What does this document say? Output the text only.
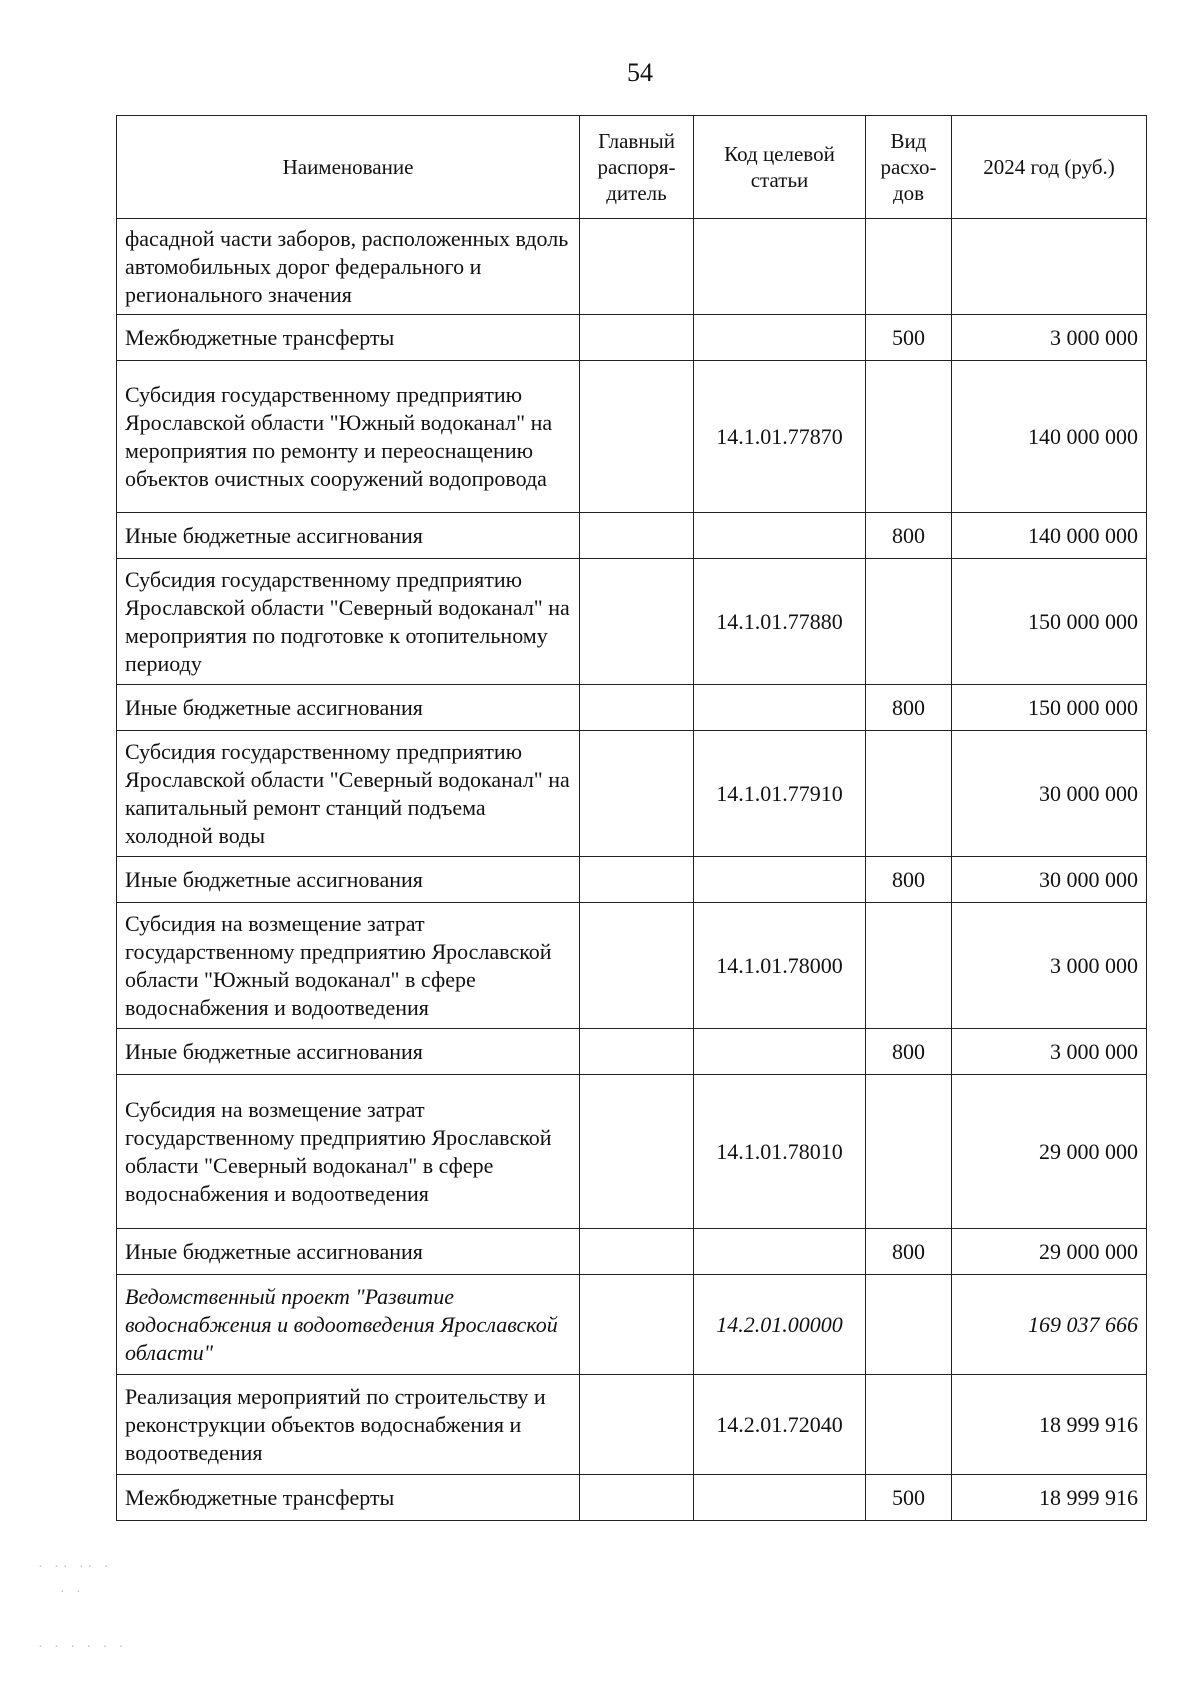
54
Наименование	Главный распоря-дитель	Код целевой статьи	Вид расхо-дов	2024 год (руб.)
фасадной части заборов, расположенных вдоль автомобильных дорог федерального и регионального значения				
Межбюджетные трансферты			500	3 000 000
Субсидия государственному предприятию Ярославской области "Южный водоканал" на мероприятия по ремонту и переоснащению объектов очистных сооружений водопровода		14.1.01.77870		140 000 000
Иные бюджетные ассигнования			800	140 000 000
Субсидия государственному предприятию Ярославской области "Северный водоканал" на мероприятия по подготовке к отопительному периоду		14.1.01.77880		150 000 000
Иные бюджетные ассигнования			800	150 000 000
Субсидия государственному предприятию Ярославской области "Северный водоканал" на капитальный ремонт станций подъема холодной воды		14.1.01.77910		30 000 000
Иные бюджетные ассигнования			800	30 000 000
Субсидия на возмещение затрат государственному предприятию Ярославской области "Южный водоканал" в сфере водоснабжения и водоотведения		14.1.01.78000		3 000 000
Иные бюджетные ассигнования			800	3 000 000
Субсидия на возмещение затрат государственному предприятию Ярославской области "Северный водоканал" в сфере водоснабжения и водоотведения		14.1.01.78010		29 000 000
Иные бюджетные ассигнования			800	29 000 000
Ведомственный проект "Развитие водоснабжения и водоотведения Ярославской области"		14.2.01.00000		169 037 666
Реализация мероприятий по строительству и реконструкции объектов водоснабжения и водоотведения		14.2.01.72040		18 999 916
Межбюджетные трансферты			500	18 999 916
· ·· ·· ·
· ·
· · · · · ·
